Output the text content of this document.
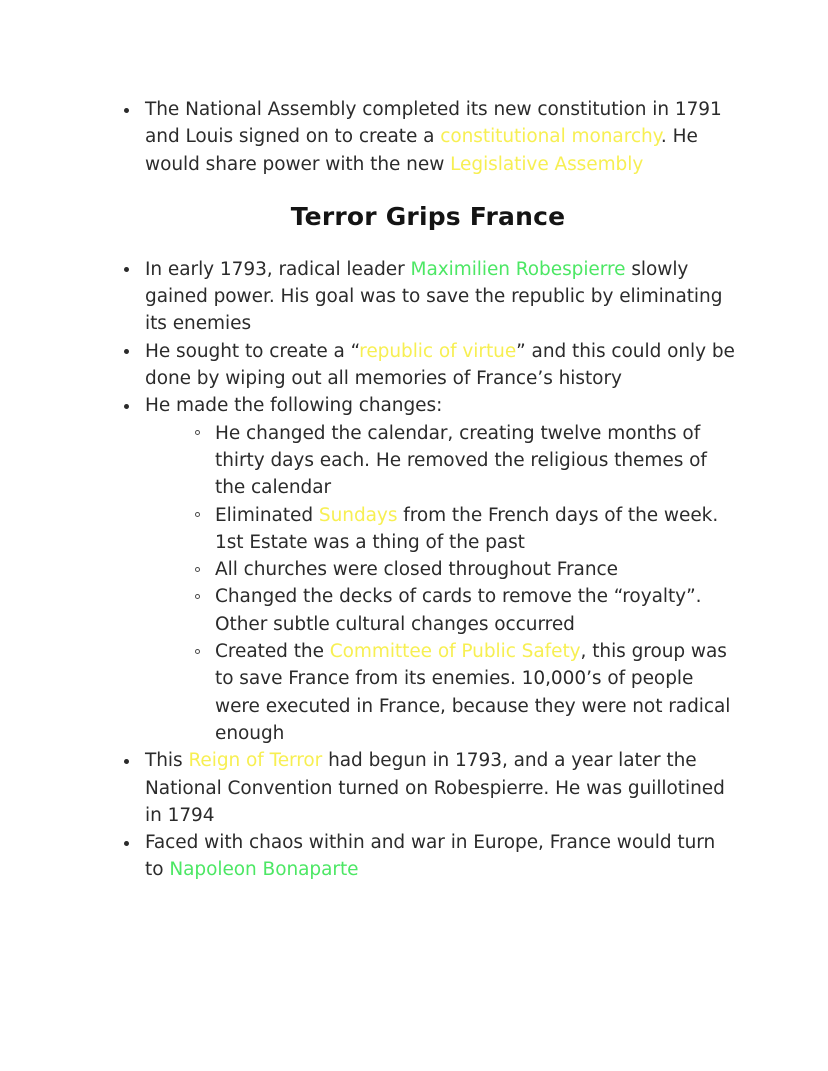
The National Assembly completed its new constitution in 1791 and Louis signed on to create a constitutional monarchy. He would share power with the new Legislative Assembly
Terror Grips France
In early 1793, radical leader Maximilien Robespierre slowly gained power. His goal was to save the republic by eliminating its enemies
He sought to create a “republic of virtue” and this could only be done by wiping out all memories of France’s history
He made the following changes:
He changed the calendar, creating twelve months of thirty days each. He removed the religious themes of the calendar
Eliminated Sundays from the French days of the week. 1st Estate was a thing of the past
All churches were closed throughout France
Changed the decks of cards to remove the “royalty”. Other subtle cultural changes occurred
Created the Committee of Public Safety, this group was to save France from its enemies. 10,000’s of people were executed in France, because they were not radical enough
This Reign of Terror had begun in 1793, and a year later the National Convention turned on Robespierre. He was guillotined in 1794
Faced with chaos within and war in Europe, France would turn to Napoleon Bonaparte
